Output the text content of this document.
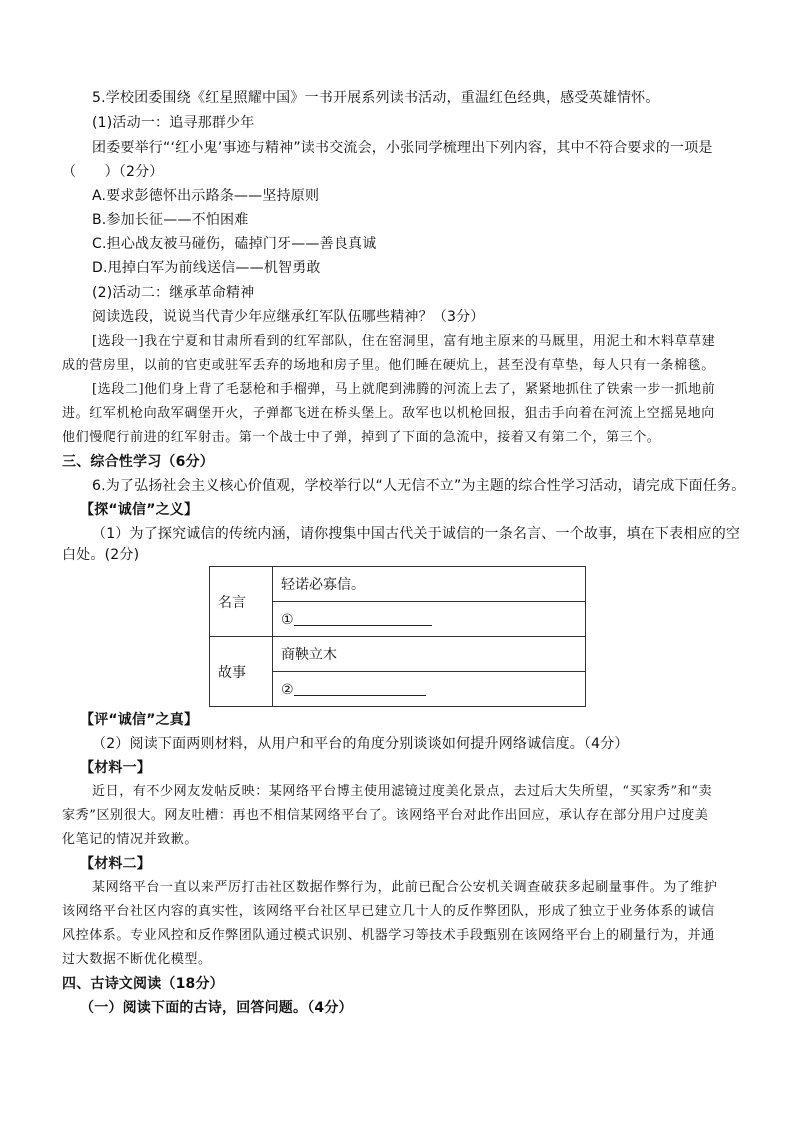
5.学校团委围绕《红星照耀中国》一书开展系列读书活动，重温红色经典，感受英雄情怀。
(1)活动一：追寻那群少年
团委要举行“‘红小鬼’事迹与精神”读书交流会，小张同学梳理出下列内容，其中不符合要求的一项是
（　　）（2分）
A.要求彭德怀出示路条——坚持原则
B.参加长征——不怕困难
C.担心战友被马碰伤，磕掉门牙——善良真诚
D.甩掉白军为前线送信——机智勇敢
(2)活动二：继承革命精神
阅读选段，说说当代青少年应继承红军队伍哪些精神？（3分）
[选段一]我在宁夏和甘肃所看到的红军部队，住在窑洞里，富有地主原来的马厩里，用泥土和木料草草建
成的营房里，以前的官吏或驻军丢弃的场地和房子里。他们睡在硬炕上，甚至没有草垫，每人只有一条棉毯。
[选段二]他们身上背了毛瑟枪和手榴弹，马上就爬到沸腾的河流上去了，紧紧地抓住了铁索一步一抓地前
进。红军机枪向敌军碉堡开火，子弹都飞迸在桥头堡上。敌军也以机枪回报，狙击手向着在河流上空摇晃地向
他们慢爬行前进的红军射击。第一个战士中了弹，掉到了下面的急流中，接着又有第二个，第三个。
三、综合性学习（6分）
6.为了弘扬社会主义核心价值观，学校举行以“人无信不立”为主题的综合性学习活动，请完成下面任务。
【探“诚信”之义】
（1）为了探究诚信的传统内涵，请你搜集中国古代关于诚信的一条名言、一个故事，填在下表相应的空
白处。(2分)
名言	轻诺必寡信。
	①
故事	商鞅立木
	②
【评“诚信”之真】
（2）阅读下面两则材料，从用户和平台的角度分别谈谈如何提升网络诚信度。（4分）
【材料一】
近日，有不少网友发帖反映：某网络平台博主使用滤镜过度美化景点，去过后大失所望，“买家秀”和“卖
家秀”区别很大。网友吐槽：再也不相信某网络平台了。该网络平台对此作出回应，承认存在部分用户过度美
化笔记的情况并致歉。
【材料二】
某网络平台一直以来严厉打击社区数据作弊行为，此前已配合公安机关调查破获多起刷量事件。为了维护
该网络平台社区内容的真实性，该网络平台社区早已建立几十人的反作弊团队，形成了独立于业务体系的诚信
风控体系。专业风控和反作弊团队通过模式识别、机器学习等技术手段甄别在该网络平台上的刷量行为，并通
过大数据不断优化模型。
四、古诗文阅读（18分）
（一）阅读下面的古诗，回答问题。（4分）
